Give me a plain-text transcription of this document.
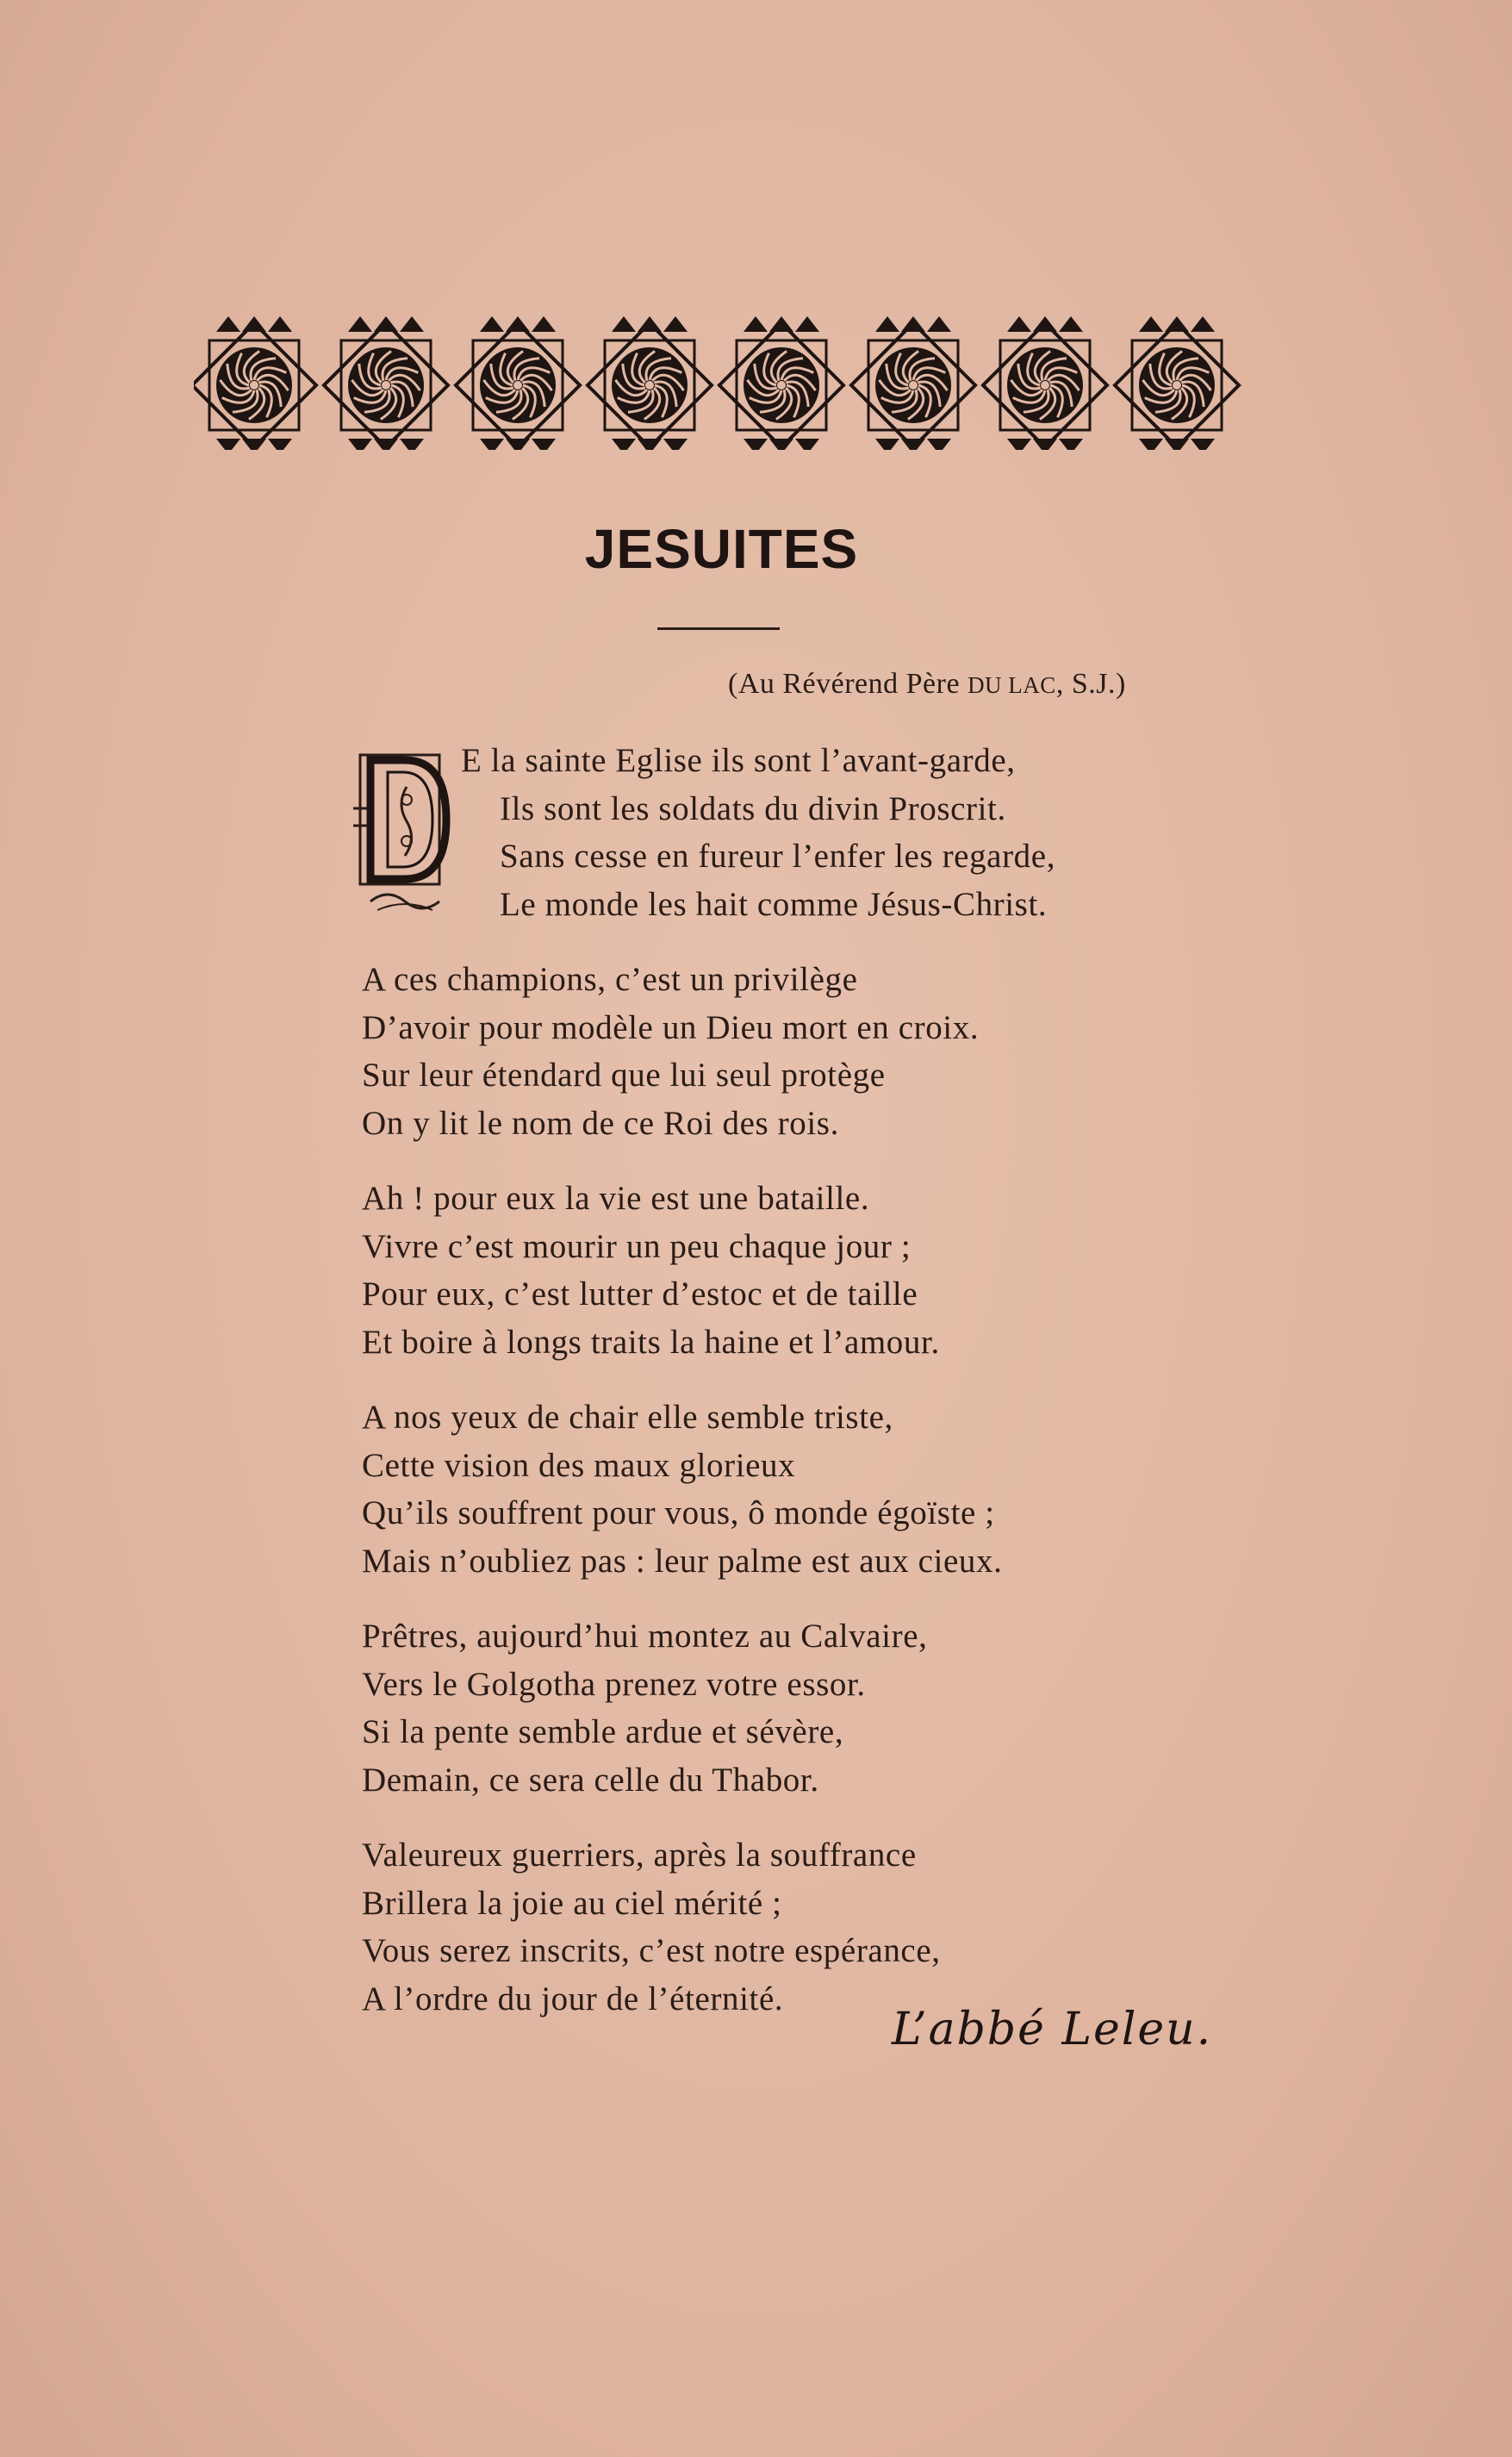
JESUITES
(Au Révérend Père DU LAC, S.J.)
E la sainte Eglise ils sont l’avant-garde,
Ils sont les soldats du divin Proscrit.
Sans cesse en fureur l’enfer les regarde,
Le monde les hait comme Jésus-Christ.
A ces champions, c’est un privilège
D’avoir pour modèle un Dieu mort en croix.
Sur leur étendard que lui seul protège
On y lit le nom de ce Roi des rois.
Ah ! pour eux la vie est une bataille.
Vivre c’est mourir un peu chaque jour ;
Pour eux, c’est lutter d’estoc et de taille
Et boire à longs traits la haine et l’amour.
A nos yeux de chair elle semble triste,
Cette vision des maux glorieux
Qu’ils souffrent pour vous, ô monde égoïste ;
Mais n’oubliez pas : leur palme est aux cieux.
Prêtres, aujourd’hui montez au Calvaire,
Vers le Golgotha prenez votre essor.
Si la pente semble ardue et sévère,
Demain, ce sera celle du Thabor.
Valeureux guerriers, après la souffrance
Brillera la joie au ciel mérité ;
Vous serez inscrits, c’est notre espérance,
A l’ordre du jour de l’éternité.
L’abbé Leleu.
